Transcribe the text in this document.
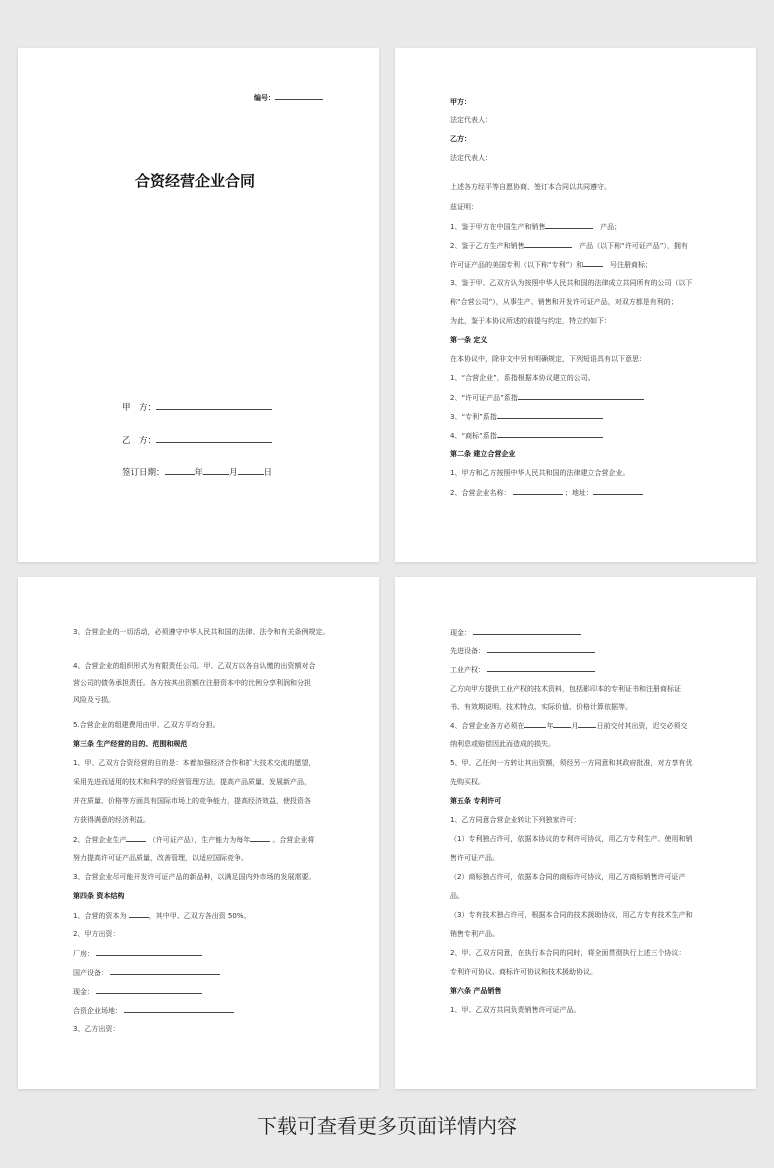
编号：
合资经营企业合同
甲　方：
乙　方：
签订日期：	年	月	日
甲方：
法定代表人：
乙方：
法定代表人：
上述各方经平等自愿协商，签订本合同以共同遵守。
兹证明：
1、鉴于甲方在中国生产和销售	产品；
2、鉴于乙方生产和销售	产品（以下称“许可证产品”），拥有
许可证产品的美国专利（以下称“专利”）和	号注册商标；
3、鉴于甲、乙双方认为按照中华人民共和国的法律成立共同所有的公司（以下
称“合营公司”），从事生产、销售和开发许可证产品，对双方都是有利的；
为此，鉴于本协议所述的前提与约定，特立约如下：
第一条 定义
在本协议中，除非文中另有明确规定，下列短语具有以下意思：
1、“合营企业”，系指根据本协议建立的公司。
2、“许可证产品”系指
3、“专利”系指
4、“商标”系指
第二条 建立合营企业
1、甲方和乙方按照中华人民共和国的法律建立合营企业。
2、合营企业名称：	；地址：
3、合营企业的一切活动，必须遵守中华人民共和国的法律、法令和有关条例规定。
4、合营企业的组织形式为有限责任公司。甲、乙双方以各自认缴的出资额对合
营公司的债务承担责任。各方按其出资额在注册资本中的比例分享利润和分担
风险及亏损。
5.合营企业的组建费用由甲、乙双方平均分担。
第三条 生产经营的目的、范围和规范
1、甲、乙双方合资经营的目的是：本着加强经济合作和扩大技术交流的愿望，
采用先进而适用的技术和科学的经营管理方法，提高产品质量，发展新产品，
并在质量、价格等方面具有国际市场上的竞争能力，提高经济效益，使投资各
方获得满意的经济利益。
2、合营企业生产	（许可证产品），生产能力为每年	。合营企业将
努力提高许可证产品质量，改善管理，以适应国际竞争。
3、合营企业尽可能开发许可证产品的新品种，以满足国内外市场的发展需要。
第四条 资本结构
1、合营的资本为	，其中甲、乙双方各出资 50%。
2、甲方出资：
厂房：
国产设备：
现金：
合资企业场地：
3、乙方出资：
现金：
先进设备：
工业产权：
乙方向甲方提供工业产权的技术资料，包括影印本的专利证书和注册商标证
书、有效期说明、技术特点、实际价值、价格计算依据等。
4、合营企业各方必须在	年	月	日前交付其出资，迟交必须交
纳利息或赔偿因此而造成的损失。
5、甲、乙任何一方转让其出资额，须经另一方同意和其政府批准，对方享有优
先购买权。
第五条 专利许可
1、乙方同意合营企业转让下列独家许可：
（1）专利独占许可，依据本协议的专利许可协议，用乙方专利生产、使用和销
售许可证产品。
（2）商标独占许可，依据本合同的商标许可协议，用乙方商标销售许可证产
品。
（3）专有技术独占许可，根据本合同的技术援助协议，用乙方专有技术生产和
销售专利产品。
2、甲、乙双方同意，在执行本合同的同时，将全面贯彻执行上述三个协议：
专利许可协议、商标许可协议和技术援助协议。
第六条 产品销售
1、甲、乙双方共同负责销售许可证产品。
下载可查看更多页面详情内容
